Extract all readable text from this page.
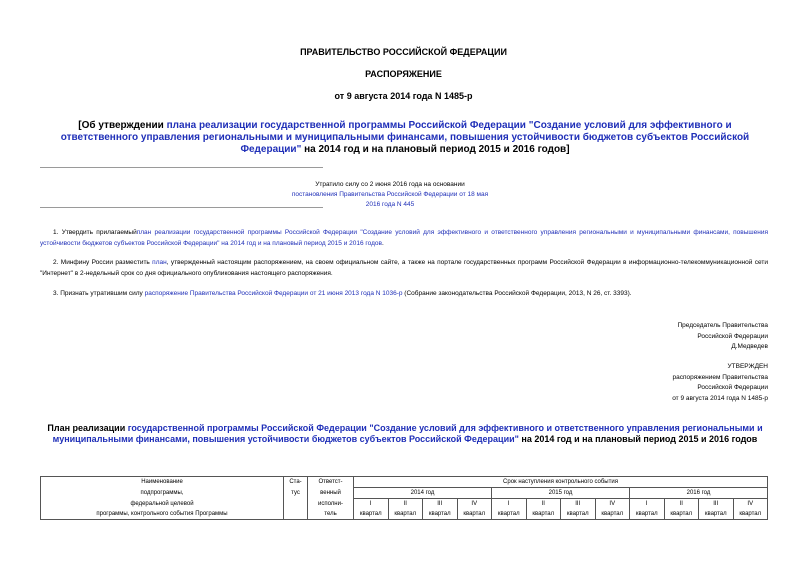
ПРАВИТЕЛЬСТВО РОССИЙСКОЙ ФЕДЕРАЦИИ
РАСПОРЯЖЕНИЕ
от 9 августа 2014 года N 1485-р
[Об утверждении плана реализации государственной программы Российской Федерации "Создание условий для эффективного и ответственного управления региональными и муниципальными финансами, повышения устойчивости бюджетов субъектов Российской Федерации" на 2014 год и на плановый период 2015 и 2016 годов]
Утратило силу со 2 июня 2016 года на основании
постановления Правительства Российской Федерации от 18 мая 2016 года N 445
1. Утвердить прилагаемыйплан реализации государственной программы Российской Федерации "Создание условий для эффективного и ответственного управления региональными и муниципальными финансами, повышения устойчивости бюджетов субъектов Российской Федерации" на 2014 год и на плановый период 2015 и 2016 годов.
2. Минфину России разместить план, утвержденный настоящим распоряжением, на своем официальном сайте, а также на портале государственных программ Российской Федерации в информационно-телекоммуникационной сети "Интернет" в 2-недельный срок со дня официального опубликования настоящего распоряжения.
3. Признать утратившим силу распоряжение Правительства Российской Федерации от 21 июня 2013 года N 1036-р (Собрание законодательства Российской Федерации, 2013, N 26, ст. 3393).
Председатель Правительства
Российской Федерации
Д.Медведев
УТВЕРЖДЕН
распоряжением Правительства
Российской Федерации
от 9 августа 2014 года N 1485-р
План реализации государственной программы Российской Федерации "Создание условий для эффективного и ответственного управления региональными и муниципальными финансами, повышения устойчивости бюджетов субъектов Российской Федерации" на 2014 год и на плановый период 2015 и 2016 годов
Наименование	Ста-	Ответст-	Срок наступления контрольного события											
подпрограммы,	тус	венный	2014 год				2015 год				2016 год			
федеральной целевой		исполни-	I	II	III	IV	I	II	III	IV	I	II	III	IV
программы, контрольного события Программы		тель	квартал	квартал	квартал	квартал	квартал	квартал	квартал	квартал	квартал	квартал	квартал	квартал
